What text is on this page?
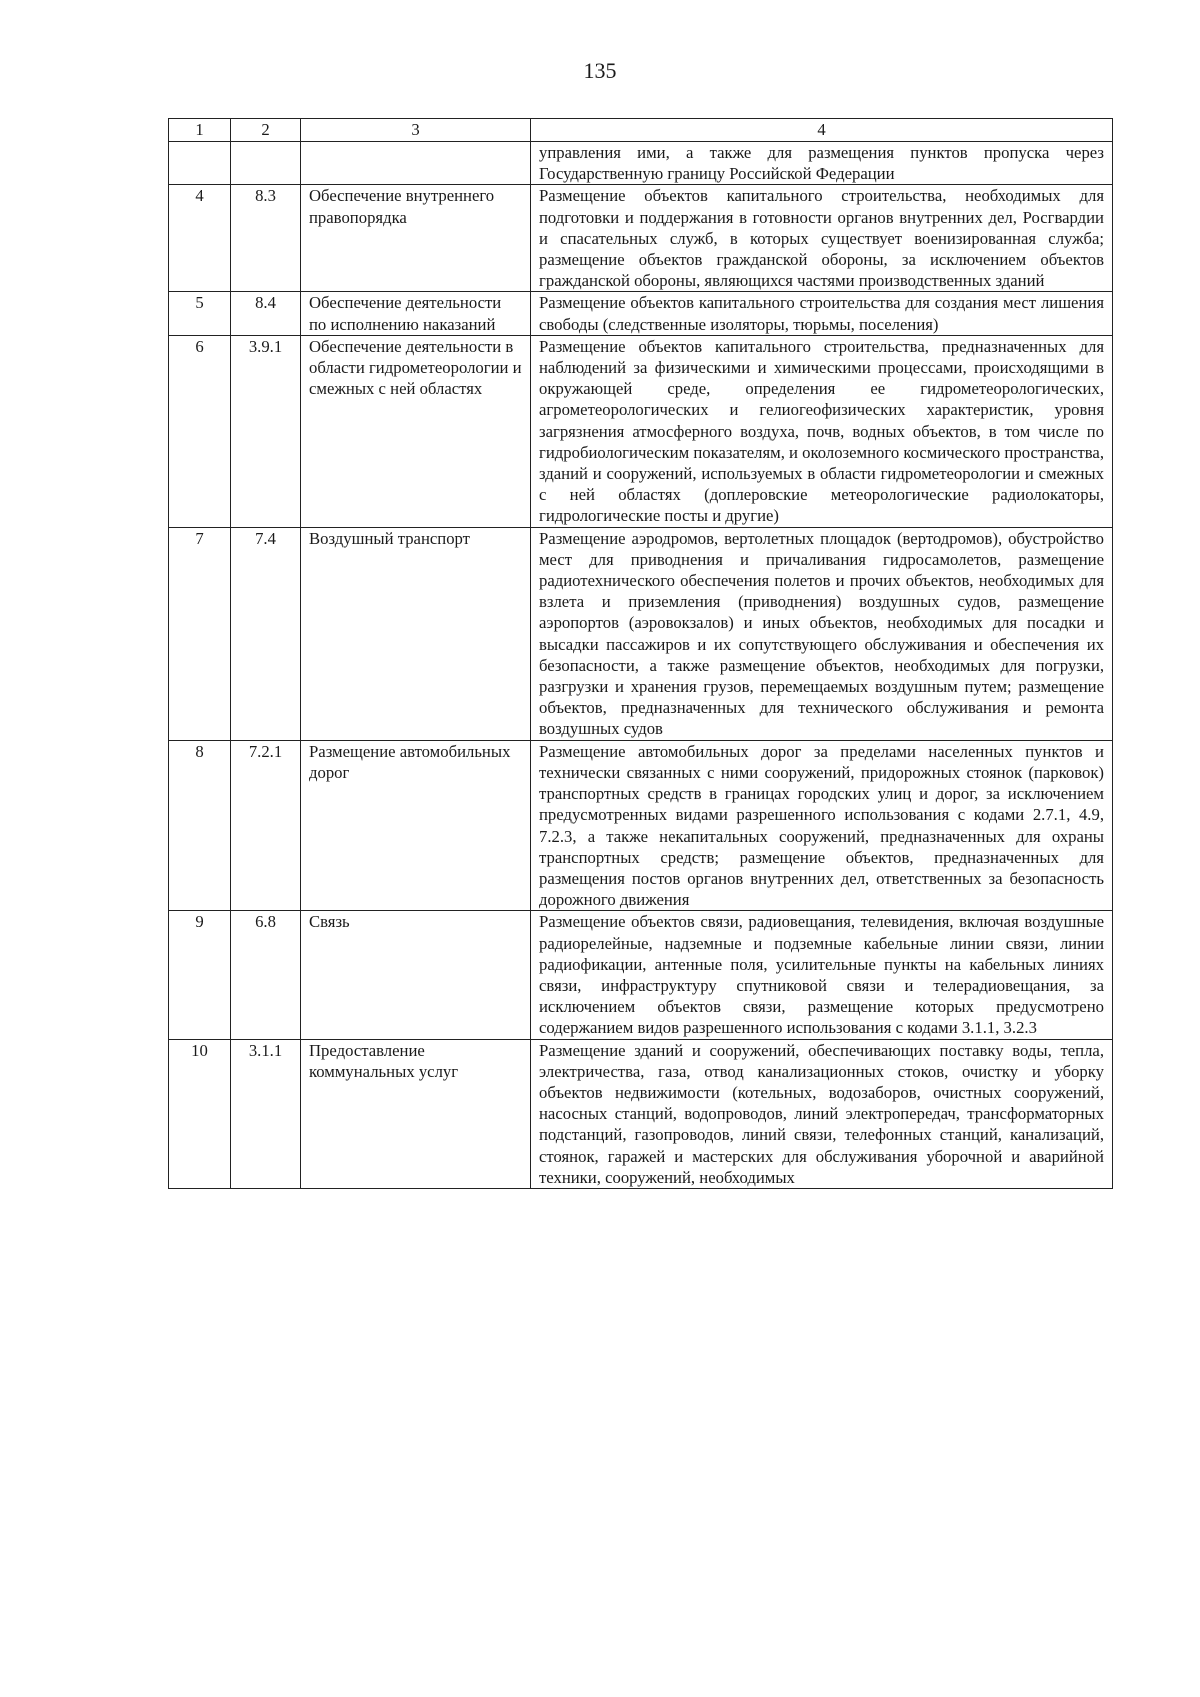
135
1	2	3	4
			управления ими, а также для размещения пунктов пропуска через Государственную границу Российской Федерации
4	8.3	Обеспечение внутреннего правопорядка	Размещение объектов капитального строительства, необходимых для подготовки и поддержания в готовности органов внутренних дел, Росгвардии и спасательных служб, в которых существует военизированная служба; размещение объектов гражданской обороны, за исключением объектов гражданской обороны, являющихся частями производственных зданий
5	8.4	Обеспечение деятельности по исполнению наказаний	Размещение объектов капитального строительства для создания мест лишения свободы (следственные изоляторы, тюрьмы, поселения)
6	3.9.1	Обеспечение деятельности в области гидрометеорологии и смежных с ней областях	Размещение объектов капитального строительства, предназначенных для наблюдений за физическими и химическими процессами, происходящими в окружающей среде, определения ее гидрометеорологических, агрометеорологических и гелиогеофизических характеристик, уровня загрязнения атмосферного воздуха, почв, водных объектов, в том числе по гидробиологическим показателям, и околоземного космического пространства, зданий и сооружений, используемых в области гидрометеорологии и смежных с ней областях (доплеровские метеорологические радиолокаторы, гидрологические посты и другие)
7	7.4	Воздушный транспорт	Размещение аэродромов, вертолетных площадок (вертодромов), обустройство мест для приводнения и причаливания гидросамолетов, размещение радиотехнического обеспечения полетов и прочих объектов, необходимых для взлета и приземления (приводнения) воздушных судов, размещение аэропортов (аэровокзалов) и иных объектов, необходимых для посадки и высадки пассажиров и их сопутствующего обслуживания и обеспечения их безопасности, а также размещение объектов, необходимых для погрузки, разгрузки и хранения грузов, перемещаемых воздушным путем; размещение объектов, предназначенных для технического обслуживания и ремонта воздушных судов
8	7.2.1	Размещение автомобильных дорог	Размещение автомобильных дорог за пределами населенных пунктов и технически связанных с ними сооружений, придорожных стоянок (парковок) транспортных средств в границах городских улиц и дорог, за исключением предусмотренных видами разрешенного использования с кодами 2.7.1, 4.9, 7.2.3, а также некапитальных сооружений, предназначенных для охраны транспортных средств; размещение объектов, предназначенных для размещения постов органов внутренних дел, ответственных за безопасность дорожного движения
9	6.8	Связь	Размещение объектов связи, радиовещания, телевидения, включая воздушные радиорелейные, надземные и подземные кабельные линии связи, линии радиофикации, антенные поля, усилительные пункты на кабельных линиях связи, инфраструктуру спутниковой связи и телерадиовещания, за исключением объектов связи, размещение которых предусмотрено содержанием видов разрешенного использования с кодами 3.1.1, 3.2.3
10	3.1.1	Предоставление коммунальных услуг	Размещение зданий и сооружений, обеспечивающих поставку воды, тепла, электричества, газа, отвод канализационных стоков, очистку и уборку объектов недвижимости (котельных, водозаборов, очистных сооружений, насосных станций, водопроводов, линий электропередач, трансформаторных подстанций, газопроводов, линий связи, телефонных станций, канализаций, стоянок, гаражей и мастерских для обслуживания уборочной и аварийной техники, сооружений, необходимых
